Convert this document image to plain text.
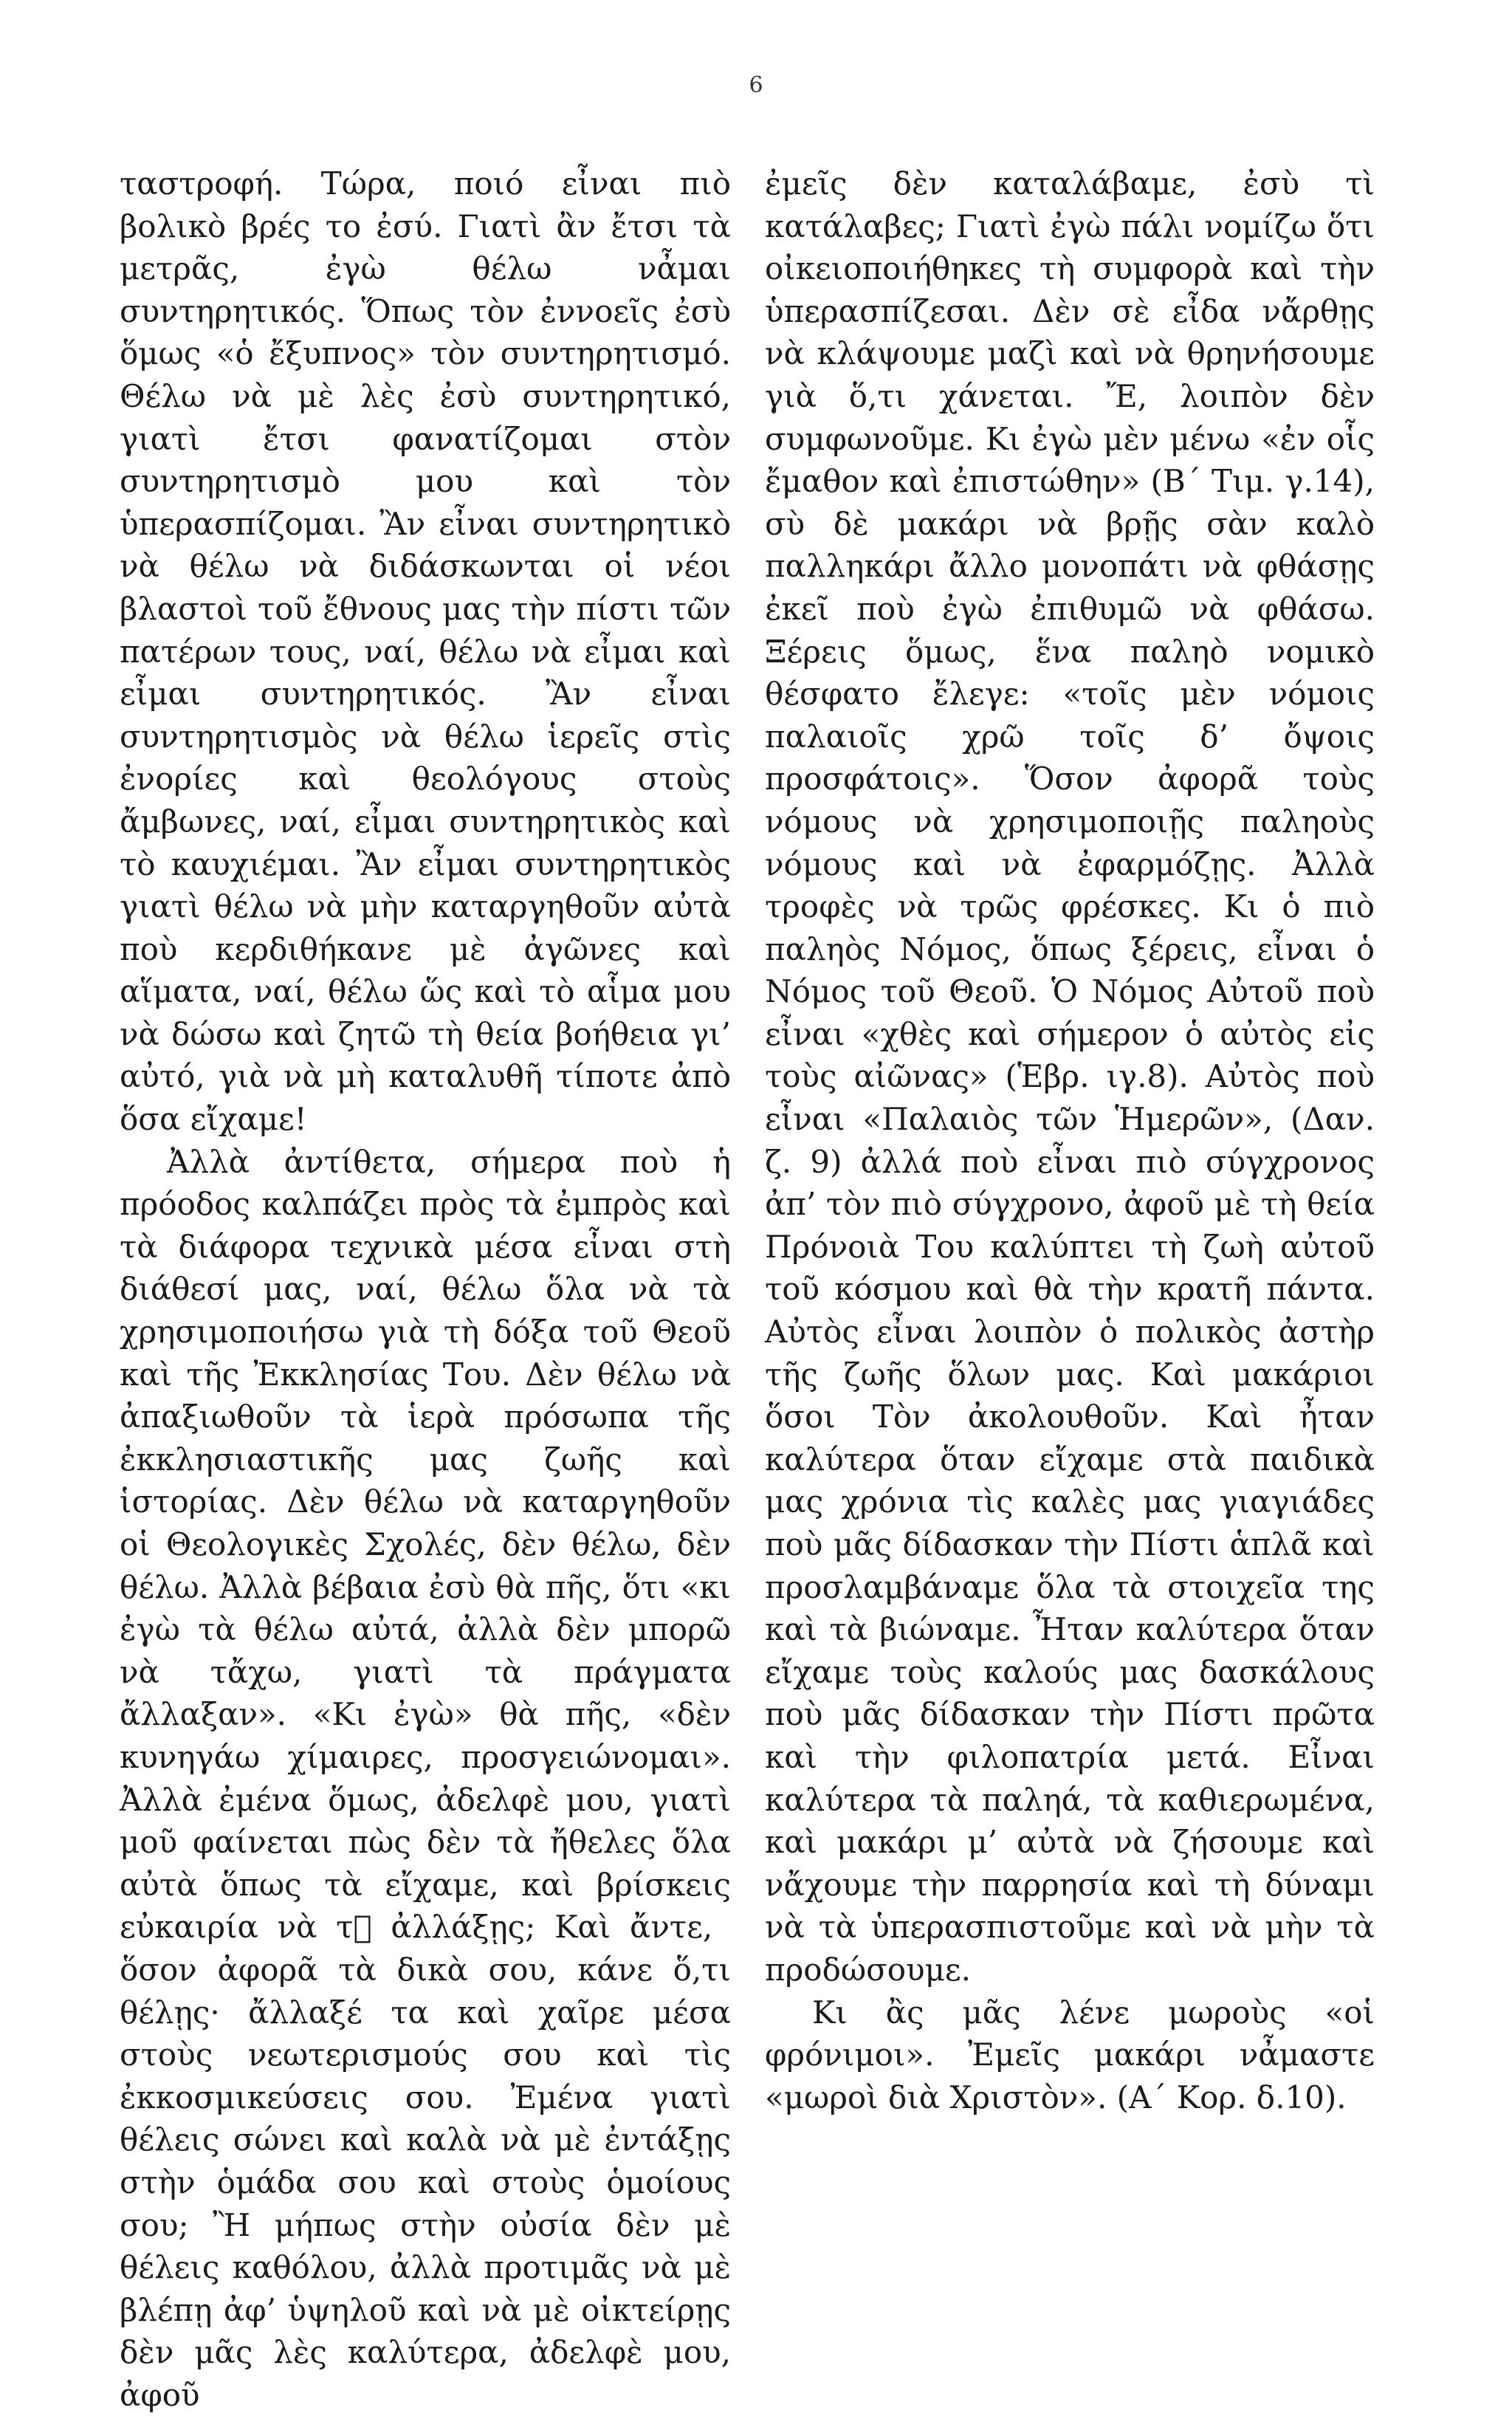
6

ταστροφή. Τώρα, ποιό εἶναι πιὸ βολικὸ βρές το ἐσύ. Γιατὶ ἂν ἔτσι τὰ μετρᾶς, ἐγὼ θέλω νἆμαι συντηρητικός. Ὅπως τὸν ἐννοεῖς ἐσὺ ὅμως «ὁ ἔξυπνος» τὸν συντηρητισμό. Θέλω νὰ μὲ λὲς ἐσὺ συντηρητικό, γιατὶ ἔτσι φανατίζομαι στὸν συντηρητισμὸ μου καὶ τὸν ὑπερασπίζομαι. Ἂν εἶναι συντηρητικὸ νὰ θέλω νὰ διδάσκωνται οἱ νέοι βλαστοὶ τοῦ ἔθνους μας τὴν πίστι τῶν πατέρων τους, ναί, θέλω νὰ εἶμαι καὶ εἶμαι συντηρητικός. Ἂν εἶναι συντηρητισμὸς νὰ θέλω ἱερεῖς στὶς ἐνορίες καὶ θεολόγους στοὺς ἄμβωνες, ναί, εἶμαι συντηρητικὸς καὶ τὸ καυχιέμαι. Ἂν εἶμαι συντηρητικὸς γιατὶ θέλω νὰ μὴν καταργηθοῦν αὐτὰ ποὺ κερδιθήκανε μὲ ἀγῶνες καὶ αἵματα, ναί, θέλω ὥς καὶ τὸ αἷμα μου νὰ δώσω καὶ ζητῶ τὴ θεία βοήθεια γι’ αὐτό, γιὰ νὰ μὴ καταλυθῆ τίποτε ἀπὸ ὅσα εἴχαμε!

Ἀλλὰ ἀντίθετα, σήμερα ποὺ ἡ πρόοδος καλπάζει πρὸς τὰ ἐμπρὸς καὶ τὰ διάφορα τεχνικὰ μέσα εἶναι στὴ διάθεσί μας, ναί, θέλω ὅλα νὰ τὰ χρησιμοποιήσω γιὰ τὴ δόξα τοῦ Θεοῦ καὶ τῆς Ἐκκλησίας Του. Δὲν θέλω νὰ ἀπαξιωθοῦν τὰ ἱερὰ πρόσωπα τῆς ἐκκλησιαστικῆς μας ζωῆς καὶ ἱστορίας. Δὲν θέλω νὰ καταργηθοῦν οἱ Θεολογικὲς Σχολές, δὲν θέλω, δὲν θέλω. Ἀλλὰ βέβαια ἐσὺ θὰ πῆς, ὅτι «κι ἐγὼ τὰ θέλω αὐτά, ἀλλὰ δὲν μπορῶ νὰ τἄχω, γιατὶ τὰ πράγματα ἄλλαξαν». «Κι ἐγὼ» θὰ πῆς, «δὲν κυνηγάω χίμαιρες, προσγειώνομαι». Ἀλλὰ ἐμένα ὅμως, ἀδελφὲ μου, γιατὶ μοῦ φαίνεται πὼς δὲν τὰ ἤθελες ὅλα αὐτὰ ὅπως τὰ εἴχαμε, καὶ βρίσκεις εὐκαιρία νὰ τ⃞ ἀλλάξῃς; Καὶ ἄντε, ὅσον ἀφορᾶ τὰ δικὰ σου, κάνε ὅ,τι θέλῃς· ἄλλαξέ τα καὶ χαῖρε μέσα στοὺς νεωτερισμούς σου καὶ τὶς ἐκκοσμικεύσεις σου. Ἐμένα γιατὶ θέλεις σώνει καὶ καλὰ νὰ μὲ ἐντάξῃς στὴν ὁμάδα σου καὶ στοὺς ὁμοίους σου; Ἢ μήπως στὴν οὐσία δὲν μὲ θέλεις καθόλου, ἀλλὰ προτιμᾶς νὰ μὲ βλέπῃ ἀφ’ ὑψηλοῦ καὶ νὰ μὲ οἰκτείρῃς δὲν μᾶς λὲς καλύτερα, ἀδελφὲ μου, ἀφοῦ

ἐμεῖς δὲν καταλάβαμε, ἐσὺ τὶ κατάλαβες; Γιατὶ ἐγὼ πάλι νομίζω ὅτι οἰκειοποιήθηκες τὴ συμφορὰ καὶ τὴν ὑπερασπίζεσαι. Δὲν σὲ εἶδα νἄρθῃς νὰ κλάψουμε μαζὶ καὶ νὰ θρηνήσουμε γιὰ ὅ,τι χάνεται. Ἔ, λοιπὸν δὲν συμφωνοῦμε. Κι ἐγὼ μὲν μένω «ἐν οἷς ἔμαθον καὶ ἐπιστώθην» (Β΄ Τιμ. γ.14), σὺ δὲ μακάρι νὰ βρῇς σὰν καλὸ παλληκάρι ἄλλο μονοπάτι νὰ φθάσῃς ἐκεῖ ποὺ ἐγὼ ἐπιθυμῶ νὰ φθάσω. Ξέρεις ὅμως, ἕνα παληὸ νομικὸ θέσφατο ἔλεγε: «τοῖς μὲν νόμοις παλαιοῖς χρῶ τοῖς δ’ ὄψοις προσφάτοις». Ὅσον ἀφορᾶ τοὺς νόμους νὰ χρησιμοποιῇς παληοὺς νόμους καὶ νὰ ἐφαρμόζῃς. Ἀλλὰ τροφὲς νὰ τρῶς φρέσκες. Κι ὁ πιὸ παληὸς Νόμος, ὅπως ξέρεις, εἶναι ὁ Νόμος τοῦ Θεοῦ. Ὁ Νόμος Αὐτοῦ ποὺ εἶναι «χθὲς καὶ σήμερον ὁ αὐτὸς εἰς τοὺς αἰῶνας» (Ἑβρ. ιγ.8). Αὐτὸς ποὺ εἶναι «Παλαιὸς τῶν Ἡμερῶν», (Δαν. ζ. 9) ἀλλά ποὺ εἶναι πιὸ σύγχρονος ἀπ’ τὸν πιὸ σύγχρονο, ἀφοῦ μὲ τὴ θεία Πρόνοιὰ Του καλύπτει τὴ ζωὴ αὐτοῦ τοῦ κόσμου καὶ θὰ τὴν κρατῆ πάντα. Αὐτὸς εἶναι λοιπὸν ὁ πολικὸς ἀστὴρ τῆς ζωῆς ὅλων μας. Καὶ μακάριοι ὅσοι Τὸν ἀκολουθοῦν. Καὶ ἦταν καλύτερα ὅταν εἴχαμε στὰ παιδικὰ μας χρόνια τὶς καλὲς μας γιαγιάδες ποὺ μᾶς δίδασκαν τὴν Πίστι ἁπλᾶ καὶ προσλαμβάναμε ὅλα τὰ στοιχεῖα της καὶ τὰ βιώναμε. Ἦταν καλύτερα ὅταν εἴχαμε τοὺς καλούς μας δασκάλους ποὺ μᾶς δίδασκαν τὴν Πίστι πρῶτα καὶ τὴν φιλοπατρία μετά. Εἶναι καλύτερα τὰ παληά, τὰ καθιερωμένα, καὶ μακάρι μ’ αὐτὰ νὰ ζήσουμε καὶ νἄχουμε τὴν παρρησία καὶ τὴ δύναμι νὰ τὰ ὑπερασπιστοῦμε καὶ νὰ μὴν τὰ προδώσουμε.

Κι ἂς μᾶς λένε μωροὺς «οἱ φρόνιμοι». Ἐμεῖς μακάρι νἆμαστε «μωροὶ διὰ Χριστὸν». (Α΄ Κορ. δ.10).
